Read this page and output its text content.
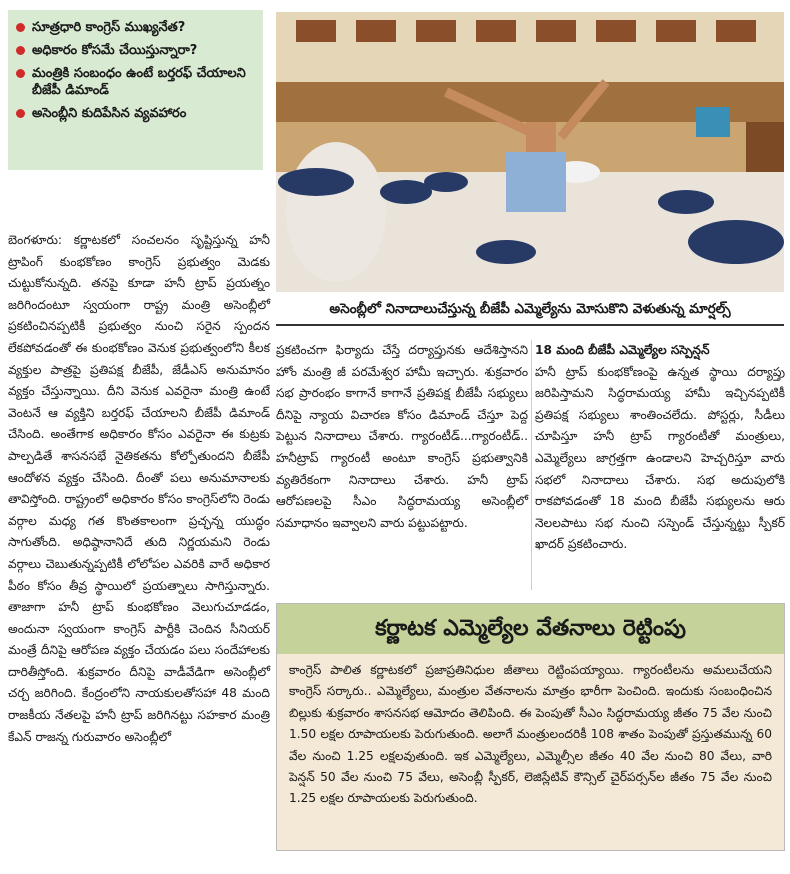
సూత్రధారి కాంగ్రెస్ ముఖ్యనేత?
అధికారం కోసమే చేయిస్తున్నారా?
మంత్రికి సంబంధం ఉంటే బర్తరఫ్ చేయాలని బీజేపీ డిమాండ్
అసెంబ్లీని కుదిపేసిన వ్యవహారం
అసెంబ్లీలో నినాదాలుచేస్తున్న బీజేపీ ఎమ్మెల్యేను మోసుకొని వెళుతున్న మార్షల్స్

బెంగళూరు: కర్ణాటకలో సంచలనం సృష్టిస్తున్న హనీ ట్రాపింగ్ కుంభకోణం కాంగ్రెస్ ప్రభుత్వం మెడకు చుట్టుకోనున్నది. తనపై కూడా హనీ ట్రాప్ ప్రయత్నం జరిగిందంటూ స్వయంగా రాష్ట్ర మంత్రి అసెంబ్లీలో ప్రకటించినప్పటికీ ప్రభుత్వం నుంచి సరైన స్పందన లేకపోవడంతో ఈ కుంభకోణం వెనుక ప్రభుత్వంలోని కీలక వ్యక్తుల పాత్రపై ప్రతిపక్ష బీజేపీ, జేడీఎస్ అనుమానం వ్యక్తం చేస్తున్నాయి. దీని వెనుక ఎవరైనా మంత్రి ఉంటే వెంటనే ఆ వ్యక్తిని బర్తరఫ్ చేయాలని బీజేపీ డిమాండ్ చేసింది. అంతేగాక అధికారం కోసం ఎవరైనా ఈ కుట్రకు పాల్పడితే శాసనసభే నైతికతను కోల్పోతుందని బీజేపీ ఆందోళన వ్యక్తం చేసింది. దీంతో పలు అనుమానాలకు తావిస్తోంది. రాష్ట్రంలో అధికారం కోసం కాంగ్రెస్‌లోని రెండు వర్గాల మధ్య గత కొంతకాలంగా ప్రచ్ఛన్న యుద్ధం సాగుతోంది. అధిష్ఠానానిదే తుది నిర్ణయమని రెండు వర్గాలు చెబుతున్నప్పటికీ లోలోపల ఎవరికి వారే అధికార పీఠం కోసం తీవ్ర స్థాయిలో ప్రయత్నాలు సాగిస్తున్నారు. తాజాగా హనీ ట్రాప్ కుంభకోణం వెలుగుచూడడం, అందునా స్వయంగా కాంగ్రెస్ పార్టీకి చెందిన సీనియర్ మంత్రే దీనిపై ఆరోపణ వ్యక్తం చేయడం పలు సందేహాలకు దారితీస్తోంది. శుక్రవారం దీనిపై వాడీవేడిగా అసెంబ్లీలో చర్చ జరిగింది. కేంద్రంలోని నాయకులతోసహా 48 మంది రాజకీయ నేతలపై హనీ ట్రాప్ జరిగినట్టు సహకార మంత్రి కేఎన్ రాజన్న గురువారం అసెంబ్లీలో

ప్రకటించగా ఫిర్యాదు చేస్తే దర్యాప్తునకు ఆదేశిస్తానని హోం మంత్రి జీ పరమేశ్వర హామీ ఇచ్చారు. శుక్రవారం సభ ప్రారంభం కాగానే కాగానే ప్రతిపక్ష బీజేపీ సభ్యులు దీనిపై న్యాయ విచారణ కోసం డిమాండ్ చేస్తూ పెద్ద పెట్టున నినాదాలు చేశారు. గ్యారంటీడ్...గ్యారంటీడ్.. హనీట్రాప్ గ్యారంటీ అంటూ కాంగ్రెస్ ప్రభుత్వానికి వ్యతిరేకంగా నినాదాలు చేశారు. హనీ ట్రాప్ ఆరోపణలపై సీఎం సిద్ధరామయ్య అసెంబ్లీలో సమాధానం ఇవ్వాలని వారు పట్టుపట్టారు.

18 మంది బీజేపీ ఎమ్మెల్యేల సస్పెన్షన్

హనీ ట్రాప్ కుంభకోణంపై ఉన్నత స్థాయి దర్యాప్తు జరిపిస్తామని సిద్ధరామయ్య హామీ ఇచ్చినప్పటికీ ప్రతిపక్ష సభ్యులు శాంతించలేదు. పోస్టర్లు, సీడీలు చూపిస్తూ హనీ ట్రాప్ గ్యారంటీతో మంత్రులు, ఎమ్మెల్యేలు జాగ్రత్తగా ఉండాలని హెచ్చరిస్తూ వారు సభలో నినాదాలు చేశారు. సభ అదుపులోకి రాకపోవడంతో 18 మంది బీజేపీ సభ్యులను ఆరు నెలలపాటు సభ నుంచి సస్పెండ్ చేస్తున్నట్టు స్పీకర్ ఖాదర్ ప్రకటించారు.

కర్ణాటక ఎమ్మెల్యేల వేతనాలు రెట్టింపు
కాంగ్రెస్ పాలిత కర్ణాటకలో ప్రజాప్రతినిధుల జీతాలు రెట్టింపయ్యాయి. గ్యారంటీలను అమలుచేయని కాంగ్రెస్ సర్కారు.. ఎమ్మెల్యేలు, మంత్రుల వేతనాలను మాత్రం భారీగా పెంచింది. ఇందుకు సంబంధించిన బిల్లుకు శుక్రవారం శాసనసభ ఆమోదం తెలిపింది. ఈ పెంపుతో సీఎం సిద్ధరామయ్య జీతం 75 వేల నుంచి 1.50 లక్షల రూపాయలకు పెరుగుతుంది. అలాగే మంత్రులందరికీ 108 శాతం పెంపుతో ప్రస్తుతమున్న 60 వేల నుంచి 1.25 లక్షలవుతుంది. ఇక ఎమ్మెల్యేలు, ఎమ్మెల్సీల జీతం 40 వేల నుంచి 80 వేలు, వారి పెన్షన్ 50 వేల నుంచి 75 వేలు, అసెంబ్లీ స్పీకర్, లెజిస్లేటివ్ కౌన్సిల్ చైర్‌పర్సన్‌ల జీతం 75 వేల నుంచి 1.25 లక్షల రూపాయలకు పెరుగుతుంది.
